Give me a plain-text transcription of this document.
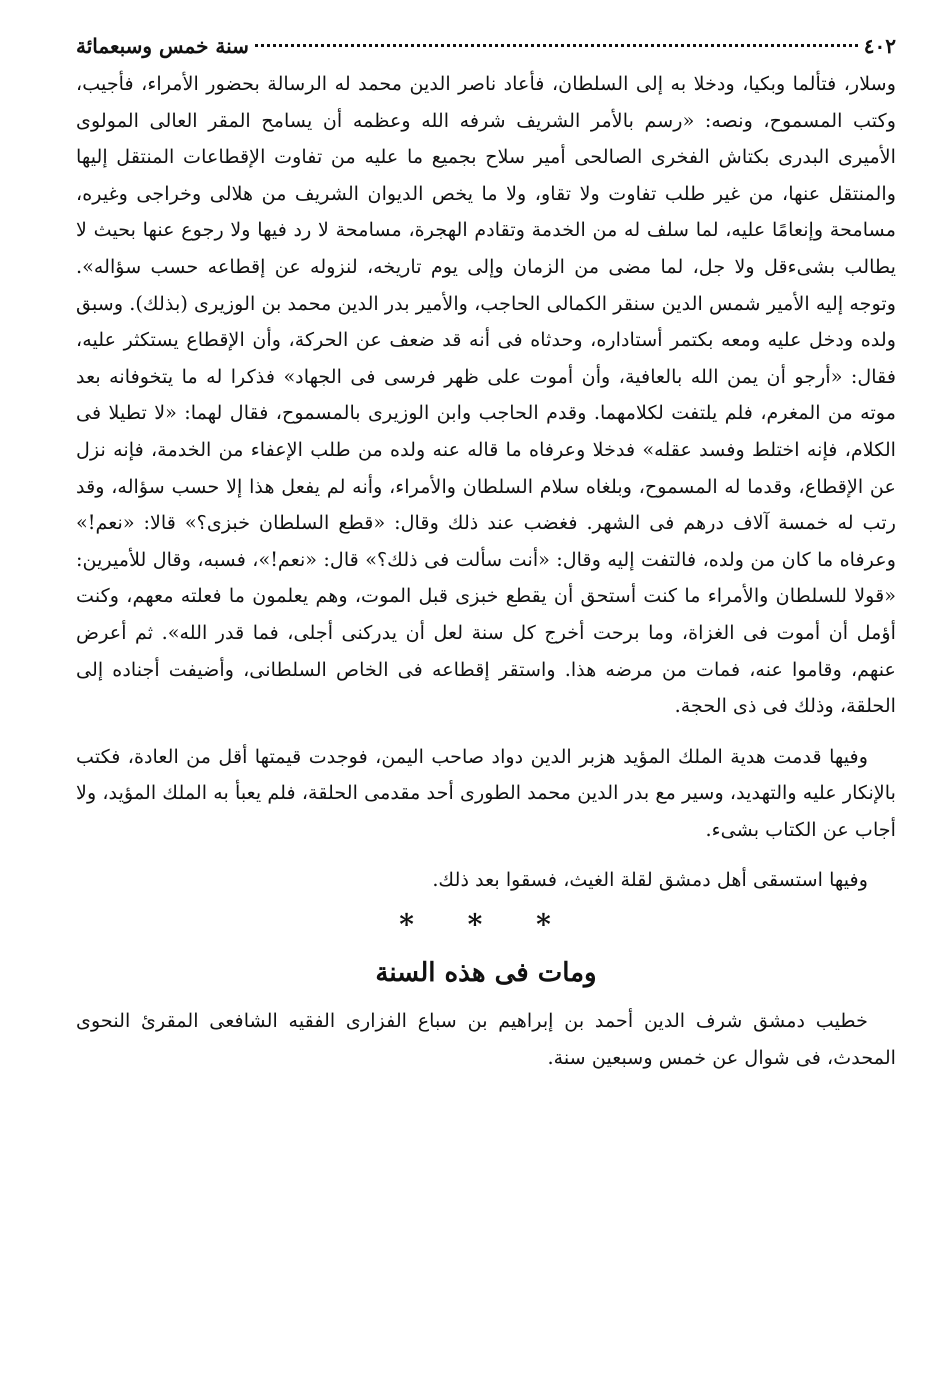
٤٠٢
سنة خمس وسبعمائة

وسلار، فتألما وبكيا، ودخلا به إلى السلطان، فأعاد ناصر الدين محمد له الرسالة بحضور الأمراء، فأجيب، وكتب المسموح، ونصه: «رسم بالأمر الشريف شرفه الله وعظمه أن يسامح المقر العالى المولوى الأميرى البدرى بكتاش الفخرى الصالحى أمير سلاح بجميع ما عليه من تفاوت الإقطاعات المنتقل إليها والمنتقل عنها، من غير طلب تفاوت ولا تقاو، ولا ما يخص الديوان الشريف من هلالى وخراجى وغيره، مسامحة وإنعامًا عليه، لما سلف له من الخدمة وتقادم الهجرة، مسامحة لا رد فيها ولا رجوع عنها بحيث لا يطالب بشىءقل ولا جل، لما مضى من الزمان وإلى يوم تاريخه، لنزوله عن إقطاعه حسب سؤاله». وتوجه إليه الأمير شمس الدين سنقر الكمالى الحاجب، والأمير بدر الدين محمد بن الوزيرى (بذلك). وسبق ولده ودخل عليه ومعه بكتمر أستاداره، وحدثاه فى أنه قد ضعف عن الحركة، وأن الإقطاع يستكثر عليه، فقال: «أرجو أن يمن الله بالعافية، وأن أموت على ظهر فرسى فى الجهاد» فذكرا له ما يتخوفانه بعد موته من المغرم، فلم يلتفت لكلامهما. وقدم الحاجب وابن الوزيرى بالمسموح، فقال لهما: «لا تطيلا فى الكلام، فإنه اختلط وفسد عقله» فدخلا وعرفاه ما قاله عنه ولده من طلب الإعفاء من الخدمة، فإنه نزل عن الإقطاع، وقدما له المسموح، وبلغاه سلام السلطان والأمراء، وأنه لم يفعل هذا إلا حسب سؤاله، وقد رتب له خمسة آلاف درهم فى الشهر. فغضب عند ذلك وقال: «قطع السلطان خبزى؟» قالا: «نعم!» وعرفاه ما كان من ولده، فالتفت إليه وقال: «أنت سألت فى ذلك؟» قال: «نعم!»، فسبه، وقال للأميرين: «قولا للسلطان والأمراء ما كنت أستحق أن يقطع خبزى قبل الموت، وهم يعلمون ما فعلته معهم، وكنت أؤمل أن أموت فى الغزاة، وما برحت أخرج كل سنة لعل أن يدركنى أجلى، فما قدر الله». ثم أعرض عنهم، وقاموا عنه، فمات من مرضه هذا. واستقر إقطاعه فى الخاص السلطانى، وأضيفت أجناده إلى الحلقة، وذلك فى ذى الحجة.

وفيها قدمت هدية الملك المؤيد هزبر الدين دواد صاحب اليمن، فوجدت قيمتها أقل من العادة، فكتب بالإنكار عليه والتهديد، وسير مع بدر الدين محمد الطورى أحد مقدمى الحلقة، فلم يعبأ به الملك المؤيد، ولا أجاب عن الكتاب بشىء.

وفيها استسقى أهل دمشق لقلة الغيث، فسقوا بعد ذلك.

* * *
ومات فى هذه السنة

خطيب دمشق شرف الدين أحمد بن إبراهيم بن سباع الفزارى الفقيه الشافعى المقرئ النحوى المحدث، فى شوال عن خمس وسبعين سنة.
